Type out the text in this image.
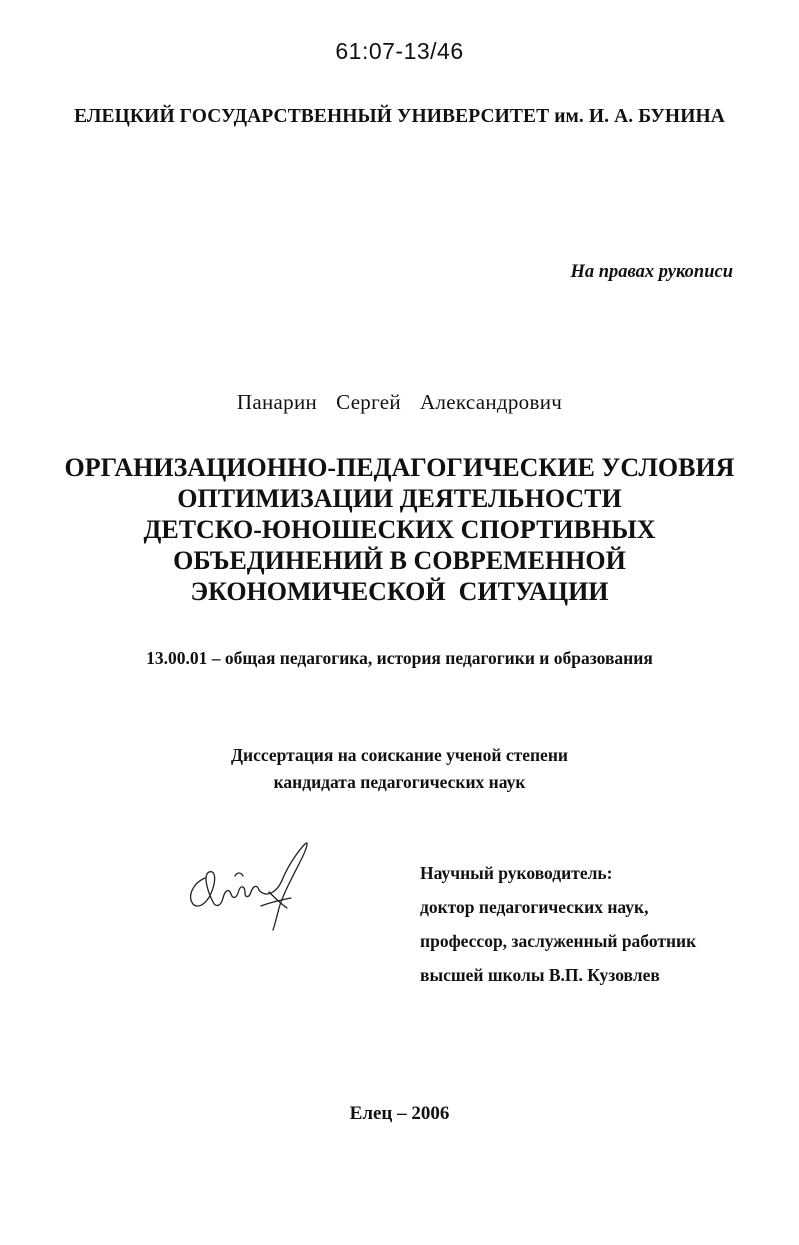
61:07-13/46
ЕЛЕЦКИЙ ГОСУДАРСТВЕННЫЙ УНИВЕРСИТЕТ им. И. А. БУНИНА
На правах рукописи
Панарин  Сергей  Александрович
ОРГАНИЗАЦИОННО-ПЕДАГОГИЧЕСКИЕ УСЛОВИЯ
ОПТИМИЗАЦИИ ДЕЯТЕЛЬНОСТИ
ДЕТСКО-ЮНОШЕСКИХ СПОРТИВНЫХ
ОБЪЕДИНЕНИЙ В СОВРЕМЕННОЙ
ЭКОНОМИЧЕСКОЙ  СИТУАЦИИ
13.00.01 – общая педагогика, история педагогики и образования
Диссертация на соискание ученой степени
кандидата педагогических наук
Научный руководитель:
доктор педагогических наук,
профессор, заслуженный работник
высшей школы В.П. Кузовлев
Елец – 2006
